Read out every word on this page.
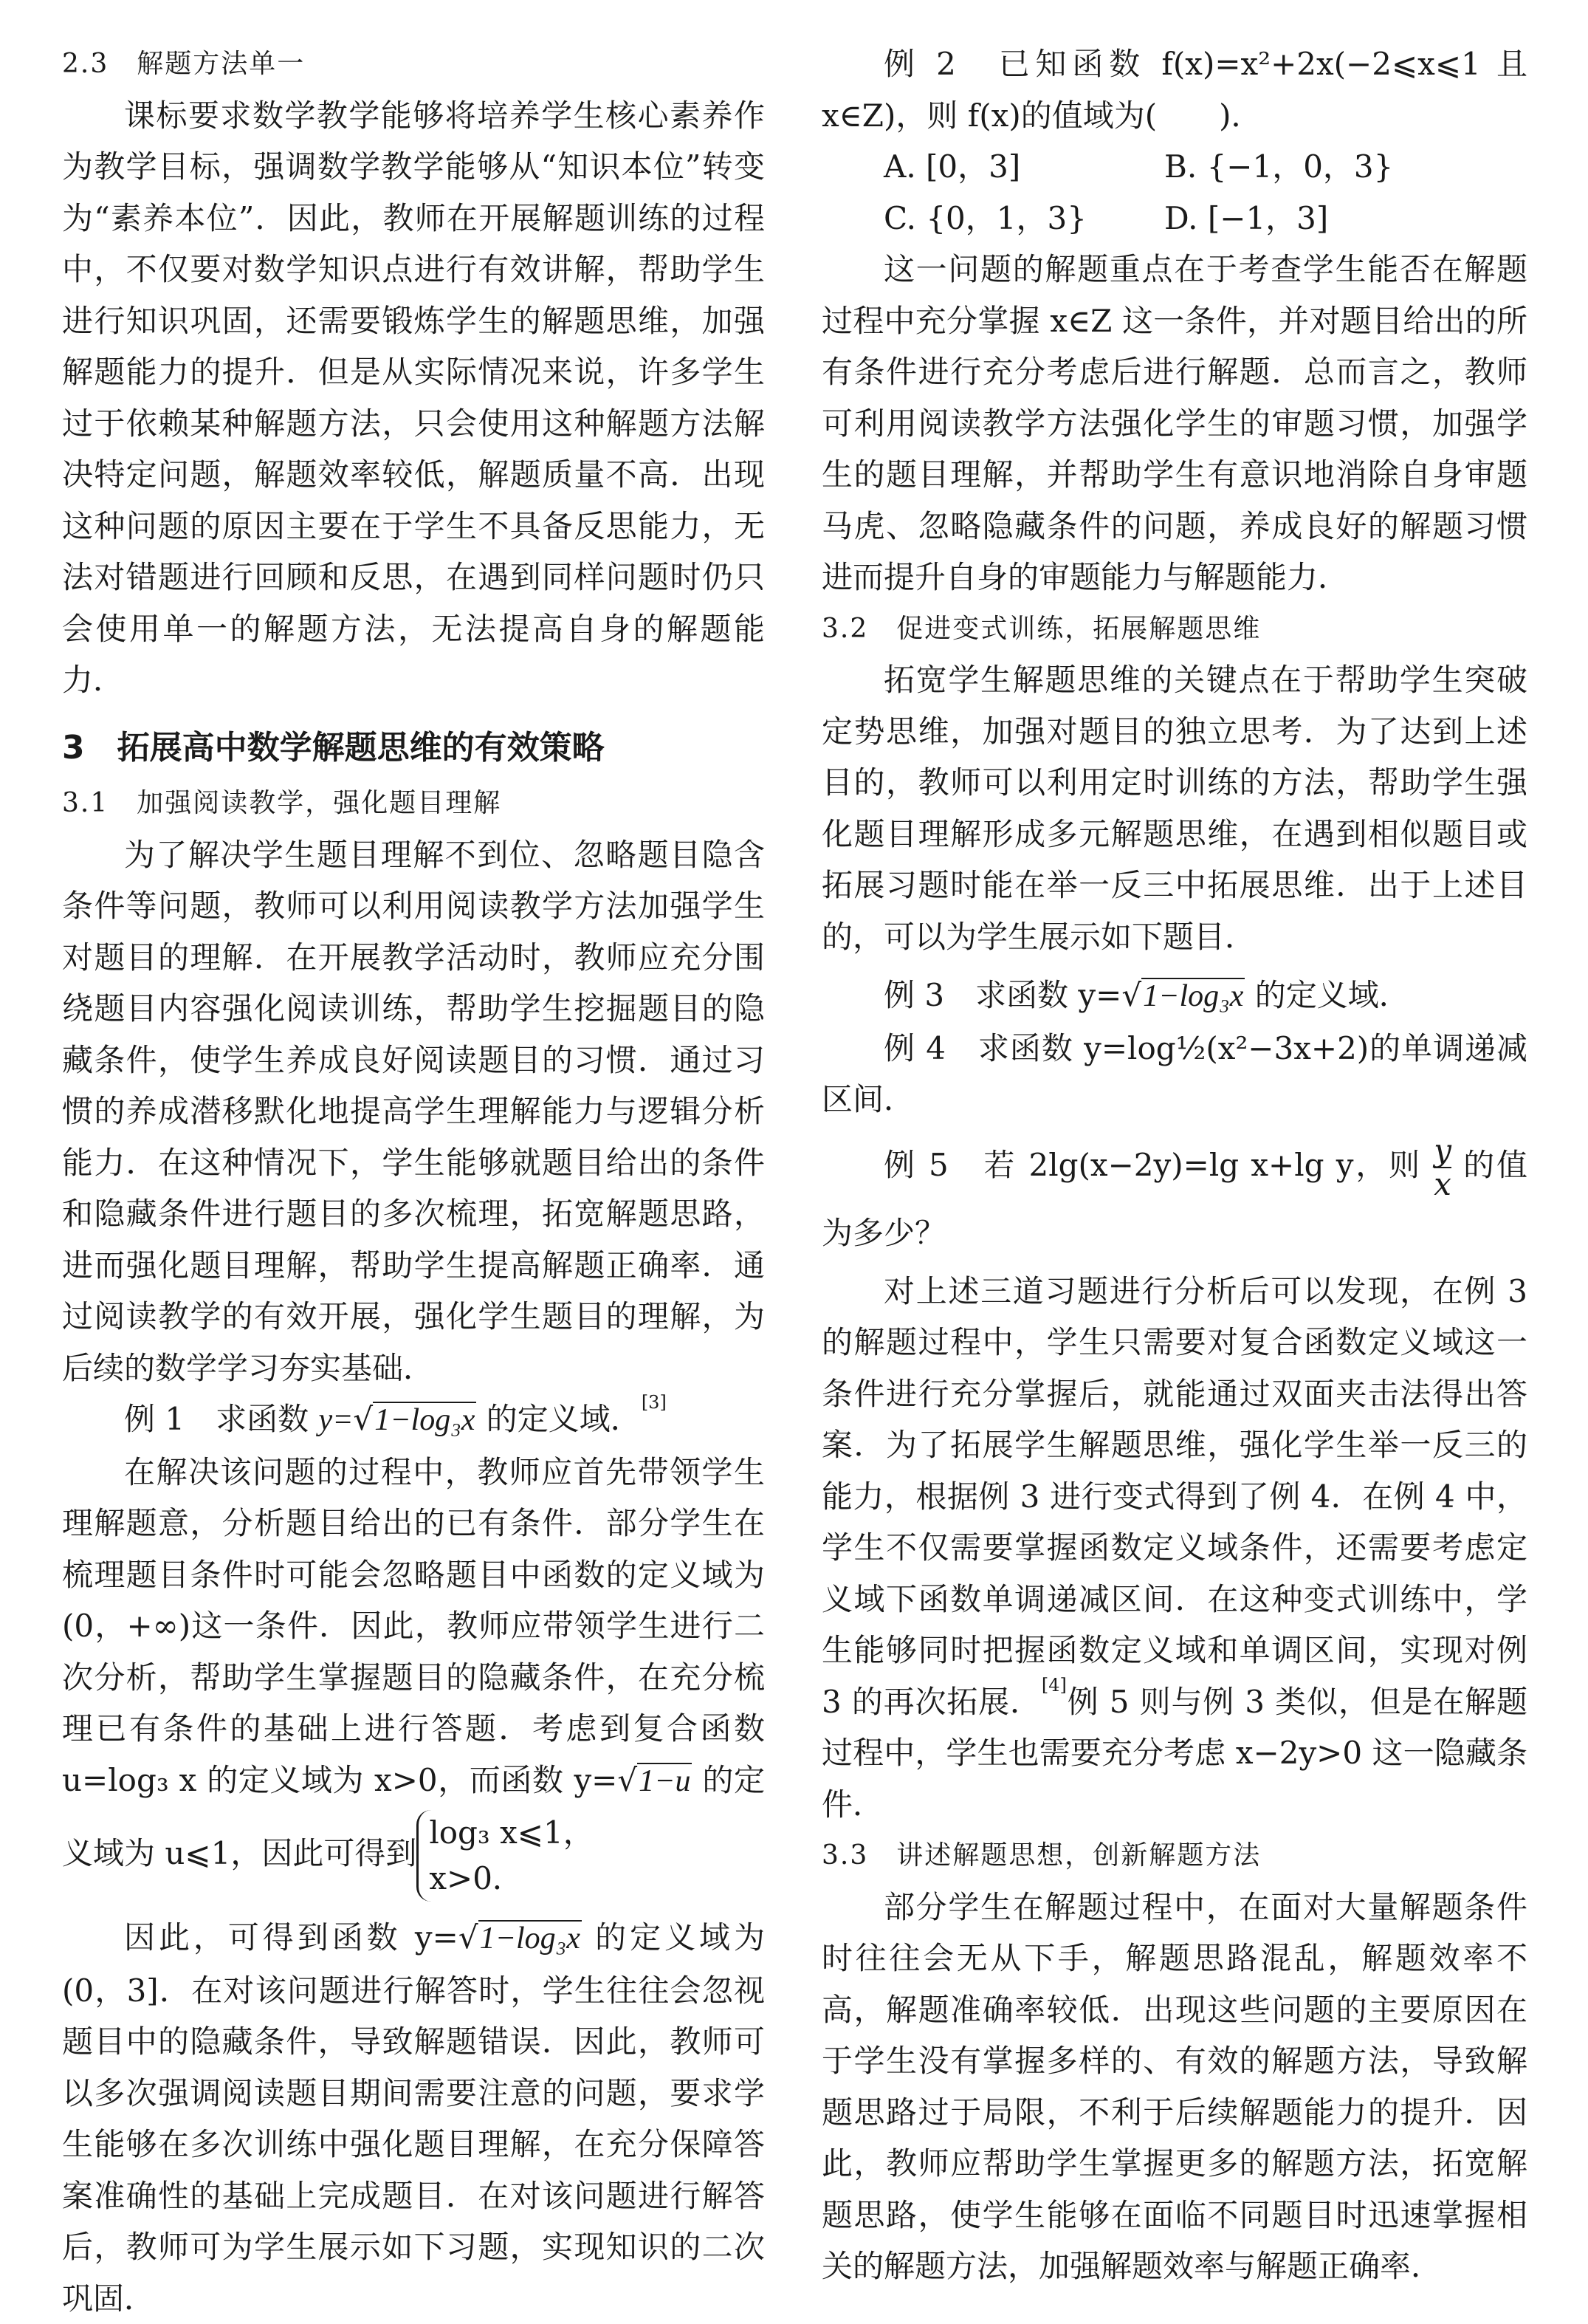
2.3　解题方法单一

课标要求数学教学能够将培养学生核心素养作为教学目标，强调数学教学能够从“知识本位”转变为“素养本位”．因此，教师在开展解题训练的过程中，不仅要对数学知识点进行有效讲解，帮助学生进行知识巩固，还需要锻炼学生的解题思维，加强解题能力的提升．但是从实际情况来说，许多学生过于依赖某种解题方法，只会使用这种解题方法解决特定问题，解题效率较低，解题质量不高．出现这种问题的原因主要在于学生不具备反思能力，无法对错题进行回顾和反思，在遇到同样问题时仍只会使用单一的解题方法，无法提高自身的解题能力．

3　拓展高中数学解题思维的有效策略
3.1　加强阅读教学，强化题目理解

为了解决学生题目理解不到位、忽略题目隐含条件等问题，教师可以利用阅读教学方法加强学生对题目的理解．在开展教学活动时，教师应充分围绕题目内容强化阅读训练，帮助学生挖掘题目的隐藏条件，使学生养成良好阅读题目的习惯．通过习惯的养成潜移默化地提高学生理解能力与逻辑分析能力．在这种情况下，学生能够就题目给出的条件和隐藏条件进行题目的多次梳理，拓宽解题思路，进而强化题目理解，帮助学生提高解题正确率．通过阅读教学的有效开展，强化学生题目的理解，为后续的数学学习夯实基础．

例 1　求函数 y=√1−log₃x 的定义域．[3]

在解决该问题的过程中，教师应首先带领学生理解题意，分析题目给出的已有条件．部分学生在梳理题目条件时可能会忽略题目中函数的定义域为(0，+∞)这一条件．因此，教师应带领学生进行二次分析，帮助学生掌握题目的隐藏条件，在充分梳理已有条件的基础上进行答题．考虑到复合函数 u=log₃ x 的定义域为 x>0，而函数 y=√1−u 的定义域为 u⩽1，因此可得到log₃ x⩽1，
x>0．

因此，可得到函数 y=√1−log₃x 的定义域为(0，3]．在对该问题进行解答时，学生往往会忽视题目中的隐藏条件，导致解题错误．因此，教师可以多次强调阅读题目期间需要注意的问题，要求学生能够在多次训练中强化题目理解，在充分保障答案准确性的基础上完成题目．在对该问题进行解答后，教师可为学生展示如下习题，实现知识的二次巩固．

例 2　已知函数 f(x)=x²+2x(−2⩽x⩽1 且 x∈Z)，则 f(x)的值域为(　　)．

A. [0，3]	B. {−1，0，3}
C. {0，1，3}	D. [−1，3]

这一问题的解题重点在于考查学生能否在解题过程中充分掌握 x∈Z 这一条件，并对题目给出的所有条件进行充分考虑后进行解题．总而言之，教师可利用阅读教学方法强化学生的审题习惯，加强学生的题目理解，并帮助学生有意识地消除自身审题马虎、忽略隐藏条件的问题，养成良好的解题习惯进而提升自身的审题能力与解题能力．

3.2　促进变式训练，拓展解题思维

拓宽学生解题思维的关键点在于帮助学生突破定势思维，加强对题目的独立思考．为了达到上述目的，教师可以利用定时训练的方法，帮助学生强化题目理解形成多元解题思维，在遇到相似题目或拓展习题时能在举一反三中拓展思维．出于上述目的，可以为学生展示如下题目．

例 3　求函数 y=√1−log₃x 的定义域．

例 4　求函数 y=log½(x²−3x+2)的单调递减区间．

例 5　若 2lg(x−2y)=lg x+lg y，则 $\frac{y}{x}$ 的值为多少？

对上述三道习题进行分析后可以发现，在例 3 的解题过程中，学生只需要对复合函数定义域这一条件进行充分掌握后，就能通过双面夹击法得出答案．为了拓展学生解题思维，强化学生举一反三的能力，根据例 3 进行变式得到了例 4．在例 4 中，学生不仅需要掌握函数定义域条件，还需要考虑定义域下函数单调递减区间．在这种变式训练中，学生能够同时把握函数定义域和单调区间，实现对例 3 的再次拓展．[4]例 5 则与例 3 类似，但是在解题过程中，学生也需要充分考虑 x−2y>0 这一隐藏条件．

3.3　讲述解题思想，创新解题方法

部分学生在解题过程中，在面对大量解题条件时往往会无从下手，解题思路混乱，解题效率不高，解题准确率较低．出现这些问题的主要原因在于学生没有掌握多样的、有效的解题方法，导致解题思路过于局限，不利于后续解题能力的提升．因此，教师应帮助学生掌握更多的解题方法，拓宽解题思路，使学生能够在面临不同题目时迅速掌握相关的解题方法，加强解题效率与解题正确率．
